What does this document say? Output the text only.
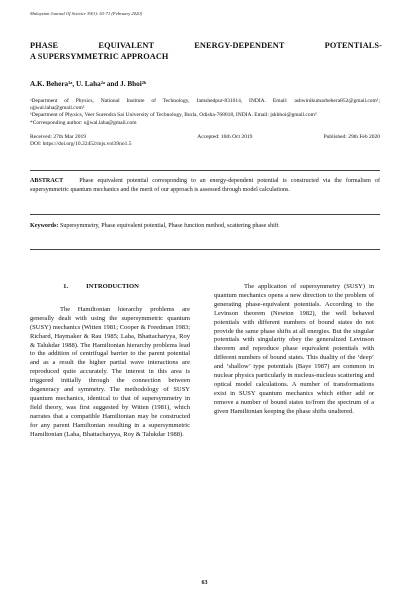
Malaysian Journal Of Science 39(1): 63-71 (February 2020)
PHASE EQUIVALENT ENERGY-DEPENDENT POTENTIALS-
A SUPERSYMMETRIC APPROACH
A.K. Behera¹ᵃ, U. Laha²ᵃ and J. Bhoi²ᵇ

ᵃDepartment of Physics, National Institute of Technology, Jamshedpur-831014, INDIA. Email: ashwinikumarbehera852@gmail.com¹; ujjwal.laha@gmail.com²

ᵇDepartment of Physics, Veer Surendra Sai University of Technology, Burla, Odisha-768018, INDIA. Email: jskbhoi@gmail.com³

*Corresponding author: ujjwal.laha@gmail.com

Received: 27th Mar 2019	Accepted: 16th Oct 2019	Published: 29th Feb 2020
DOI: https://doi.org/10.22452/mjs.vol39no1.5
ABSTRACT	Phase equivalent potential corresponding to an energy-dependent potential is constructed via the formalism of supersymmetric quantum mechanics and the merit of our approach is assessed through model calculations.
Keywords: Supersymmetry, Phase equivalent potential, Phase function method, scattering phase shift
1.	INTRODUCTION

The Hamiltonian hierarchy problems are generally dealt with using the supersymmetric quantum (SUSY) mechanics (Witten 1981; Cooper & Freedman 1983; Richard, Haymaker & Rau 1985; Laha, Bhattacharyya, Roy & Talukdar 1988). The Hamiltonian hierarchy problems lead to the addition of centrifugal barrier to the parent potential and as a result the higher partial wave interactions are reproduced quite accurately. The interest in this area is triggered initially through the connection between degeneracy and symmetry. The methodology of SUSY quantum mechanics, identical to that of supersymmetry in field theory, was first suggested by Witten (1981), which narrates that a compatible Hamiltonian may be constructed for any parent Hamiltonian resulting in a supersymmetric Hamiltonian (Laha, Bhattacharyya, Roy & Talukdar 1988).

The application of supersymmetry (SUSY) in quantum mechanics opens a new direction to the problem of generating phase-equivalent potentials. According to the Levinson theorem (Newton 1982), the well behaved potentials with different numbers of bound states do not provide the same phase shifts at all energies. But the singular potentials with singularity obey the generalized Levinson theorem and reproduce phase equivalent potentials with different numbers of bound states. This duality of the ‘deep’ and ‘shallow’ type potentials (Baye 1987) are common in nuclear physics particularly in nucleus-nucleus scattering and optical model calculations. A number of transformations exist in SUSY quantum mechanics which either add or remove a number of bound states to/from the spectrum of a given Hamiltonian keeping the phase shifts unaltered.

63
